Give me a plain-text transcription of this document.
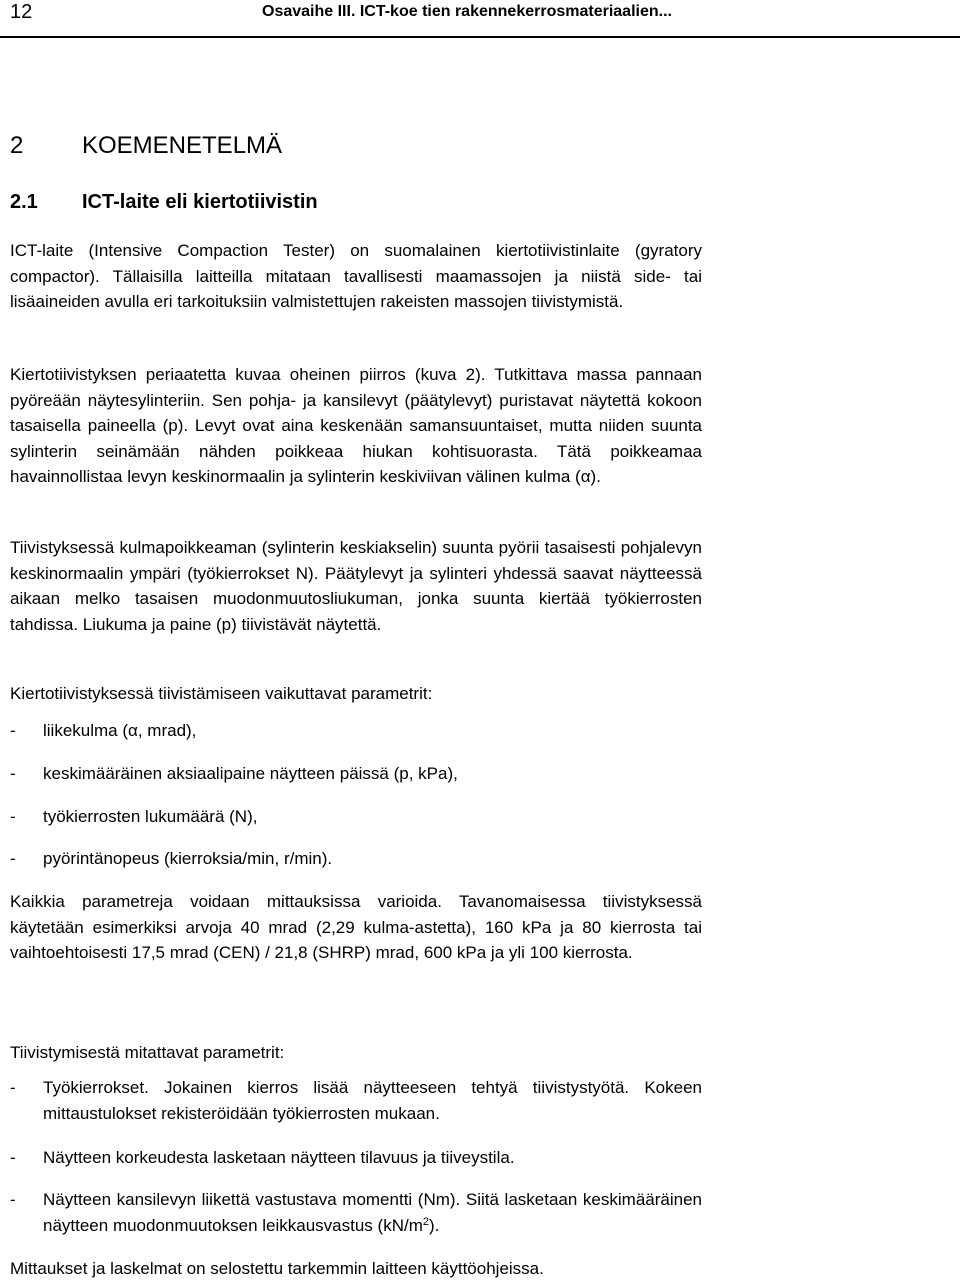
12	Osavaihe III. ICT-koe tien rakennekerrosmateriaalien...
2 KOEMENETELMÄ
2.1 ICT-laite eli kiertotiivistin

ICT-laite (Intensive Compaction Tester) on suomalainen kiertotiivistinlaite (gyratory compactor). Tällaisilla laitteilla mitataan tavallisesti maamassojen ja niistä side- tai lisäaineiden avulla eri tarkoituksiin valmistettujen rakeisten massojen tiivistymistä.

Kiertotiivistyksen periaatetta kuvaa oheinen piirros (kuva 2). Tutkittava massa pannaan pyöreään näytesylinteriin. Sen pohja- ja kansilevyt (päätylevyt) puristavat näytettä kokoon tasaisella paineella (p). Levyt ovat aina keskenään samansuuntaiset, mutta niiden suunta sylinterin seinämään nähden poikkeaa hiukan kohtisuorasta. Tätä poikkeamaa havainnollistaa levyn keskinormaalin ja sylinterin keskiviivan välinen kulma (α).

Tiivistyksessä kulmapoikkeaman (sylinterin keskiakselin) suunta pyörii tasaisesti pohjalevyn keskinormaalin ympäri (työkierrokset N). Päätylevyt ja sylinteri yhdessä saavat näytteessä aikaan melko tasaisen muodonmuutosliukuman, jonka suunta kiertää työkierrosten tahdissa. Liukuma ja paine (p) tiivistävät näytettä.

Kiertotiivistyksessä tiivistämiseen vaikuttavat parametrit:

- liikekulma (α, mrad),
- keskimääräinen aksiaalipaine näytteen päissä (p, kPa),
- työkierrosten lukumäärä (N),
- pyörintänopeus (kierroksia/min, r/min).

Kaikkia parametreja voidaan mittauksissa varioida. Tavanomaisessa tiivistyksessä käytetään esimerkiksi arvoja 40 mrad (2,29 kulma-astetta), 160 kPa ja 80 kierrosta tai vaihtoehtoisesti 17,5 mrad (CEN) / 21,8 (SHRP) mrad, 600 kPa ja yli 100 kierrosta.

Tiivistymisestä mitattavat parametrit:

- Työkierrokset. Jokainen kierros lisää näytteeseen tehtyä tiivistystyötä. Kokeen mittaustulokset rekisteröidään työkierrosten mukaan.
- Näytteen korkeudesta lasketaan näytteen tilavuus ja tiiveystila.
- Näytteen kansilevyn liikettä vastustava momentti (Nm). Siitä lasketaan keskimääräinen näytteen muodonmuutoksen leikkausvastus $(kN/m^2)$.

Mittaukset ja laskelmat on selostettu tarkemmin laitteen käyttöohjeissa.
